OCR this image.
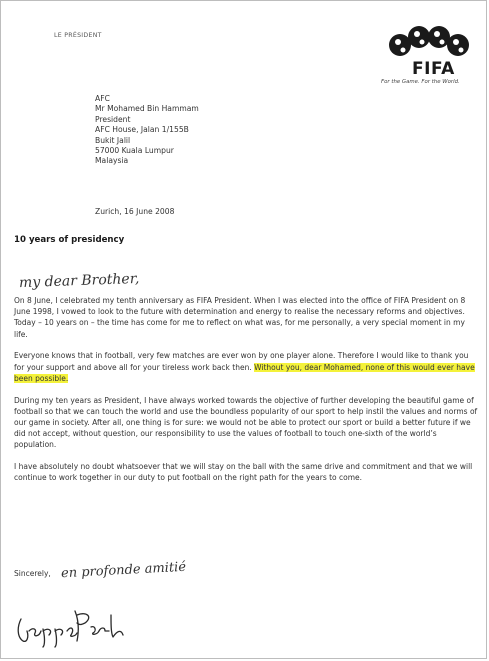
LE PRÉSIDENT
FIFA
For the Game. For the World.
AFC
Mr Mohamed Bin Hammam
President
AFC House, Jalan 1/155B
Bukit Jalil
57000 Kuala Lumpur
Malaysia
Zurich, 16 June 2008
10 years of presidency
my dear Brother,

On 8 June, I celebrated my tenth anniversary as FIFA President. When I was elected into the office of FIFA President on 8 June 1998, I vowed to look to the future with determination and energy to realise the necessary reforms and objectives. Today – 10 years on – the time has come for me to reflect on what was, for me personally, a very special moment in my life.

Everyone knows that in football, very few matches are ever won by one player alone. Therefore I would like to thank you for your support and above all for your tireless work back then. Without you, dear Mohamed, none of this would ever have been possible.

During my ten years as President, I have always worked towards the objective of further developing the beautiful game of football so that we can touch the world and use the boundless popularity of our sport to help instil the values and norms of our game in society. After all, one thing is for sure: we would not be able to protect our sport or build a better future if we did not accept, without question, our responsibility to use the values of football to touch one-sixth of the world’s population.

I have absolutely no doubt whatsoever that we will stay on the ball with the same drive and commitment and that we will continue to work together in our duty to put football on the right path for the years to come.

Sincerely, en profonde amitié
